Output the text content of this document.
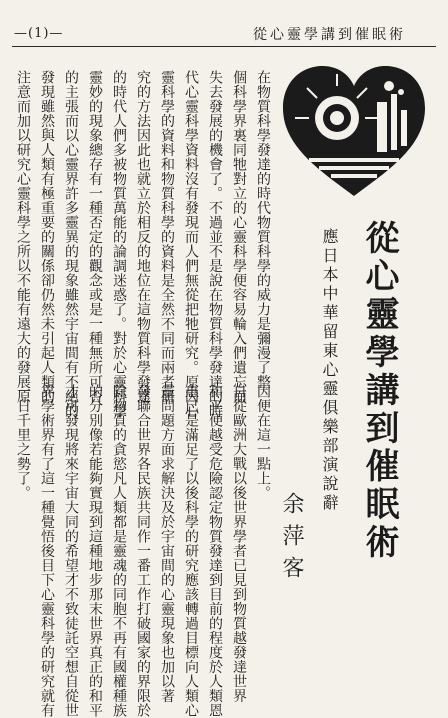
—(1)—	從心靈學講到催眠術
在物質科學發達的時代物質科學的威力是彌漫了整
個科學界裏同牠對立的心靈科學便容易輪入們遺忘而
失去發展的機會了。不過並不是說在物質科學發達的時
代心靈科學資料沒有發現而人們無從把牠研究。原因心
靈科學的資料和物質科學的資料是全然不同而兩者研
究的方法因此也就立於相反的地位在這物質科學發達
的時代人們多被物質萬能的論調迷惑了。對於心靈科學
靈妙的現象總存有一種否定的觀念或是一種無所可否
的主張而以心靈界許多靈異的現象雖然宇宙間有不絕的
發現雖然與人類有極重要的關係卻仍然未引起人類的
注意而加以研究心靈科學之所以不能有遠大的發展原	從心靈學講到催眠術
應日本中華留東心靈俱樂部演說辭
余萍客
因便在這一點上。
自從歐洲大戰以後世界學者已見到物質越發達世界
和平便越受危險認定物質發達到目前的程度於人類恩
惠已是滿足了以後科學的研究應該轉過目標向人類心
靈問題方面求解決及於宇宙間的心靈現象也加以著
發聯合世界各民族共同作一番工作打破國家的界限於
除物質的貪慾凡人類都是靈魂的同胞不再有國權種族
的分別像若能夠實現到這種地步那末世界真正的和平
才可發現將來宇宙大同的希望才不致徒託空想自從世
界學術界有了這一種覺悟後目下心靈科學的研究就有
一日千里之勢了。
